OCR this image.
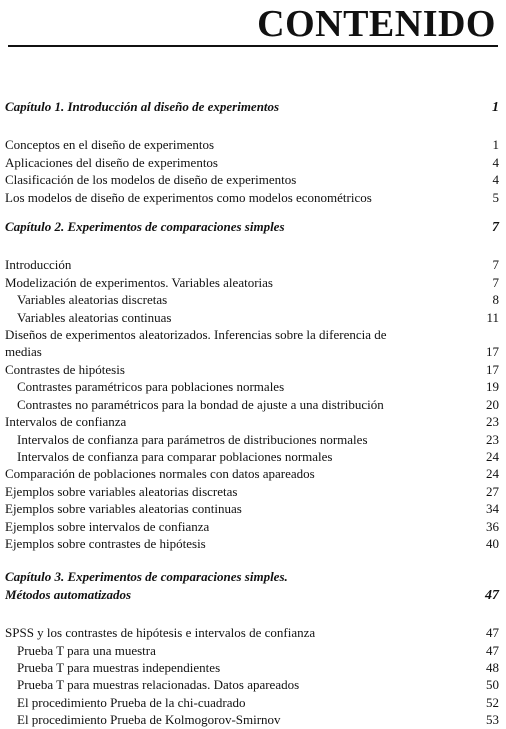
CONTENIDO
Capítulo 1. Introducción al diseño de experimentos	1
Conceptos en el diseño de experimentos	1
Aplicaciones del diseño de experimentos	4
Clasificación de los modelos de diseño de experimentos	4
Los modelos de diseño de experimentos como modelos econométricos	5
Capítulo 2. Experimentos de comparaciones simples	7
Introducción	7
Modelización de experimentos. Variables aleatorias	7
Variables aleatorias discretas	8
Variables aleatorias continuas	11
Diseños de experimentos aleatorizados. Inferencias sobre la diferencia de
medias	17
Contrastes de hipótesis	17
Contrastes paramétricos para poblaciones normales	19
Contrastes no paramétricos para la bondad de ajuste a una distribución	20
Intervalos de confianza	23
Intervalos de confianza para parámetros de distribuciones normales	23
Intervalos de confianza para comparar poblaciones normales	24
Comparación de poblaciones normales con datos apareados	24
Ejemplos sobre variables aleatorias discretas	27
Ejemplos sobre variables aleatorias continuas	34
Ejemplos sobre intervalos de confianza	36
Ejemplos sobre contrastes de hipótesis	40
Capítulo 3. Experimentos de comparaciones simples.
Métodos automatizados	47
SPSS y los contrastes de hipótesis e intervalos de confianza	47
Prueba T para una muestra	47
Prueba T para muestras independientes	48
Prueba T para muestras relacionadas. Datos apareados	50
El procedimiento Prueba de la chi-cuadrado	52
El procedimiento Prueba de Kolmogorov-Smirnov	53
